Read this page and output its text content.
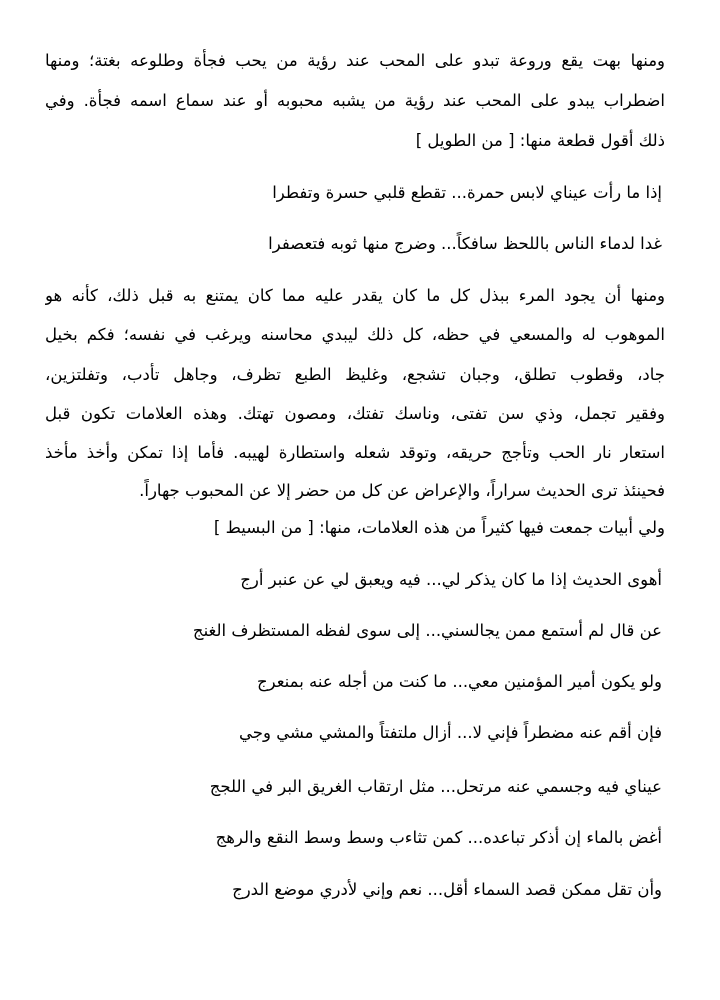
ومنها بهت يقع وروعة تبدو على المحب عند رؤية من يحب فجأة وطلوعه بغتة؛ ومنها
اضطراب يبدو على المحب عند رؤية من يشبه محبوبه أو عند سماع اسمه فجأة. وفي
ذلك أقول قطعة منها: [ من الطويل ]
إذا ما رأت عيناي لابس حمرة... تقطع قلبي حسرة وتفطرا
غدا لدماء الناس باللحظ سافكاً... وضرج منها ثوبه فتعصفرا
ومنها أن يجود المرء ببذل كل ما كان يقدر عليه مما كان يمتنع به قبل ذلك، كأنه هو
الموهوب له والمسعي في حظه، كل ذلك ليبدي محاسنه ويرغب في نفسه؛ فكم بخيل
جاد، وقطوب تطلق، وجبان تشجع، وغليظ الطبع تظرف، وجاهل تأدب، وتفلتزين،
وفقير تجمل، وذي سن تفتى، وناسك تفتك، ومصون تهتك. وهذه العلامات تكون قبل
استعار نار الحب وتأجج حريقه، وتوقد شعله واستطارة لهيبه. فأما إذا تمكن وأخذ مأخذ
فحينئذ ترى الحديث سراراً، والإعراض عن كل من حضر إلا عن المحبوب جهاراً.
ولي أبيات جمعت فيها كثيراً من هذه العلامات، منها: [ من البسيط ]
أهوى الحديث إذا ما كان يذكر لي... فيه ويعبق لي عن عنبر أرج
عن قال لم أستمع ممن يجالسني... إلى سوى لفظه المستظرف الغنج
ولو يكون أمير المؤمنين معي... ما كنت من أجله عنه بمنعرج
فإن أقم عنه مضطراً فإني لا... أزال ملتفتاً والمشي مشي وجي
عيناي فيه وجسمي عنه مرتحل... مثل ارتقاب الغريق البر في اللجج
أغض بالماء إن أذكر تباعده... كمن تثاءب وسط وسط النقع والرهج
وأن تقل ممكن قصد السماء أقل... نعم وإني لأدري موضع الدرج
